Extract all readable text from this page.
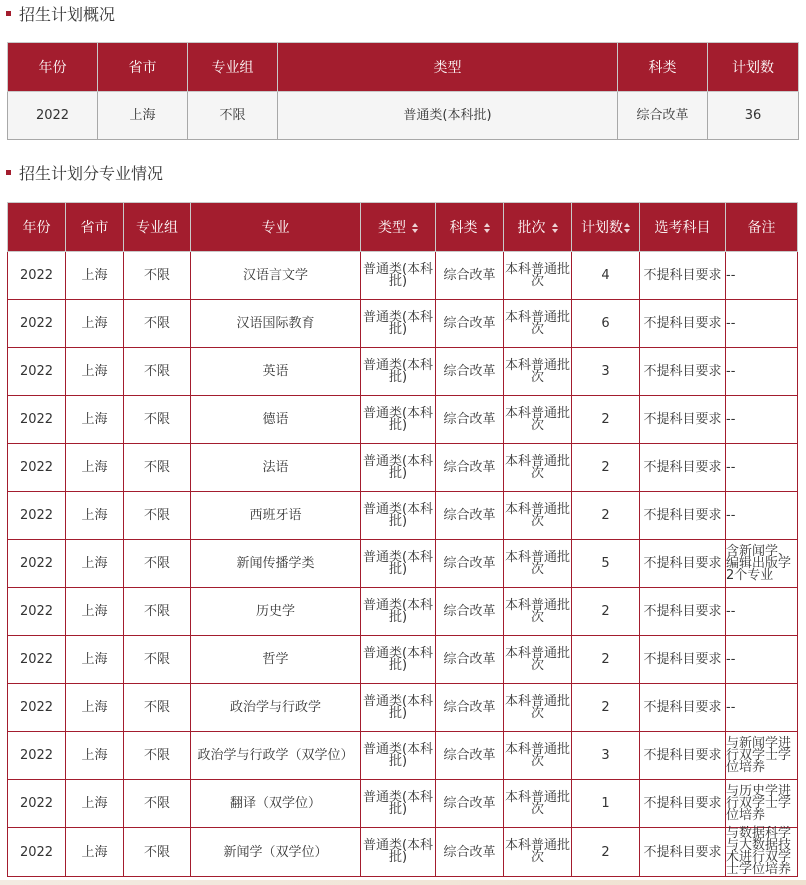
招生计划概况
年份	省市	专业组	类型	科类	计划数
2022	上海	不限	普通类(本科批)	综合改革	36
招生计划分专业情况
年份	省市	专业组	专业	类型	科类	批次	计划数	选考科目	备注
2022	上海	不限	汉语言文学	普通类(本科批)	综合改革	本科普通批次	4	不提科目要求	--
2022	上海	不限	汉语国际教育	普通类(本科批)	综合改革	本科普通批次	6	不提科目要求	--
2022	上海	不限	英语	普通类(本科批)	综合改革	本科普通批次	3	不提科目要求	--
2022	上海	不限	德语	普通类(本科批)	综合改革	本科普通批次	2	不提科目要求	--
2022	上海	不限	法语	普通类(本科批)	综合改革	本科普通批次	2	不提科目要求	--
2022	上海	不限	西班牙语	普通类(本科批)	综合改革	本科普通批次	2	不提科目要求	--
2022	上海	不限	新闻传播学类	普通类(本科批)	综合改革	本科普通批次	5	不提科目要求	含新闻学、编辑出版学2个专业
2022	上海	不限	历史学	普通类(本科批)	综合改革	本科普通批次	2	不提科目要求	--
2022	上海	不限	哲学	普通类(本科批)	综合改革	本科普通批次	2	不提科目要求	--
2022	上海	不限	政治学与行政学	普通类(本科批)	综合改革	本科普通批次	2	不提科目要求	--
2022	上海	不限	政治学与行政学（双学位）	普通类(本科批)	综合改革	本科普通批次	3	不提科目要求	与新闻学进行双学士学位培养
2022	上海	不限	翻译（双学位）	普通类(本科批)	综合改革	本科普通批次	1	不提科目要求	与历史学进行双学士学位培养
2022	上海	不限	新闻学（双学位）	普通类(本科批)	综合改革	本科普通批次	2	不提科目要求	与数据科学与大数据技术进行双学士学位培养
